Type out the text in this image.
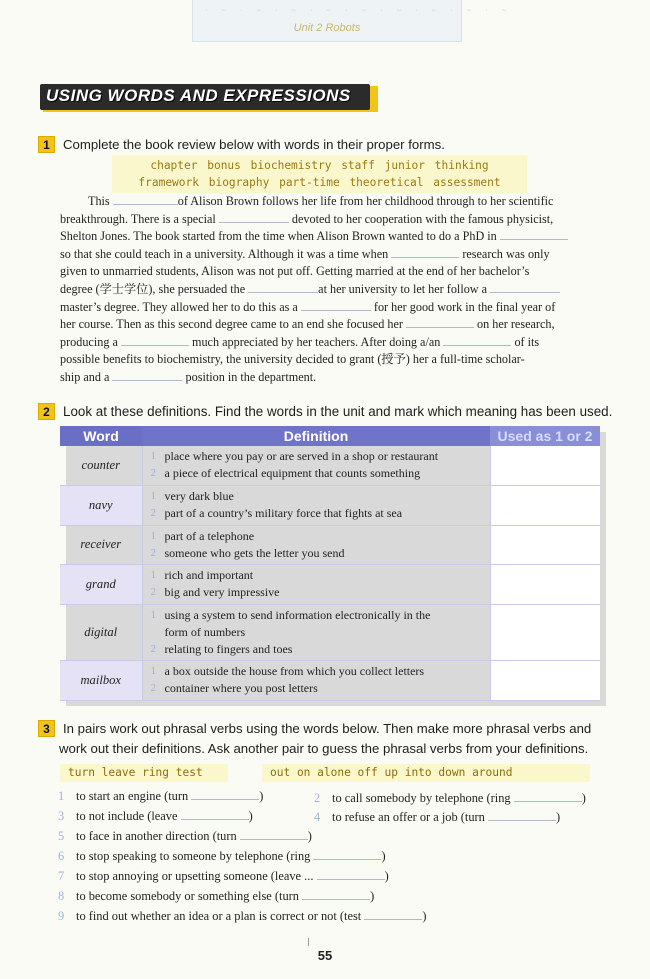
· ~ · ~ · ~ · ~ · ~ · ~ · ~ · ~ · ~
Unit 2 Robots
USING WORDS AND EXPRESSIONS
1 Complete the book review below with words in their proper forms.
chapter bonus biochemistry staff junior thinking
framework biography part-time theoretical assessment
This	of Alison Brown follows her life from her childhood through to her scientific
breakthrough. There is a special	devoted to her cooperation with the famous physicist,
Shelton Jones. The book started from the time when Alison Brown wanted to do a PhD in
so that she could teach in a university. Although it was a time when	research was only
given to unmarried students, Alison was not put off. Getting married at the end of her bachelor’s
degree (学士学位), she persuaded the	at her university to let her follow a
master’s degree. They allowed her to do this as a	for her good work in the final year of
her course. Then as this second degree came to an end she focused her	on her research,
producing a	much appreciated by her teachers. After doing a/an	of its
possible benefits to biochemistry, the university decided to grant (授予) her a full-time scholar-
ship and a	position in the department.
2 Look at these definitions. Find the words in the unit and mark which meaning has been used.
Word	Definition	Used as 1 or 2
counter	1 place where you pay or are served in a shop or restaurant
2 a piece of electrical equipment that counts something	

navy	1 very dark blue
2 part of a country’s military force that fights at sea	

receiver	1 part of a telephone
2 someone who gets the letter you send	

grand	1 rich and important
2 big and very impressive	

digital	1 using a system to send information electronically in the
form of numbers
2 relating to fingers and toes	

mailbox	1 a box outside the house from which you collect letters
2 container where you post letters	

3 In pairs work out phrasal verbs using the words below. Then make more phrasal verbs and
work out their definitions. Ask another pair to guess the phrasal verbs from your definitions.
turn leave ring test	out on alone off up into down around
1 to start an engine (turn	)	2 to call somebody by telephone (ring	)
3 to not include (leave	)	4 to refuse an offer or a job (turn	)
5 to face in another direction (turn	)
6 to stop speaking to someone by telephone (ring	)
7 to stop annoying or upsetting someone (leave ...	)
8 to become somebody or something else (turn	)
9 to find out whether an idea or a plan is correct or not (test	)
55
